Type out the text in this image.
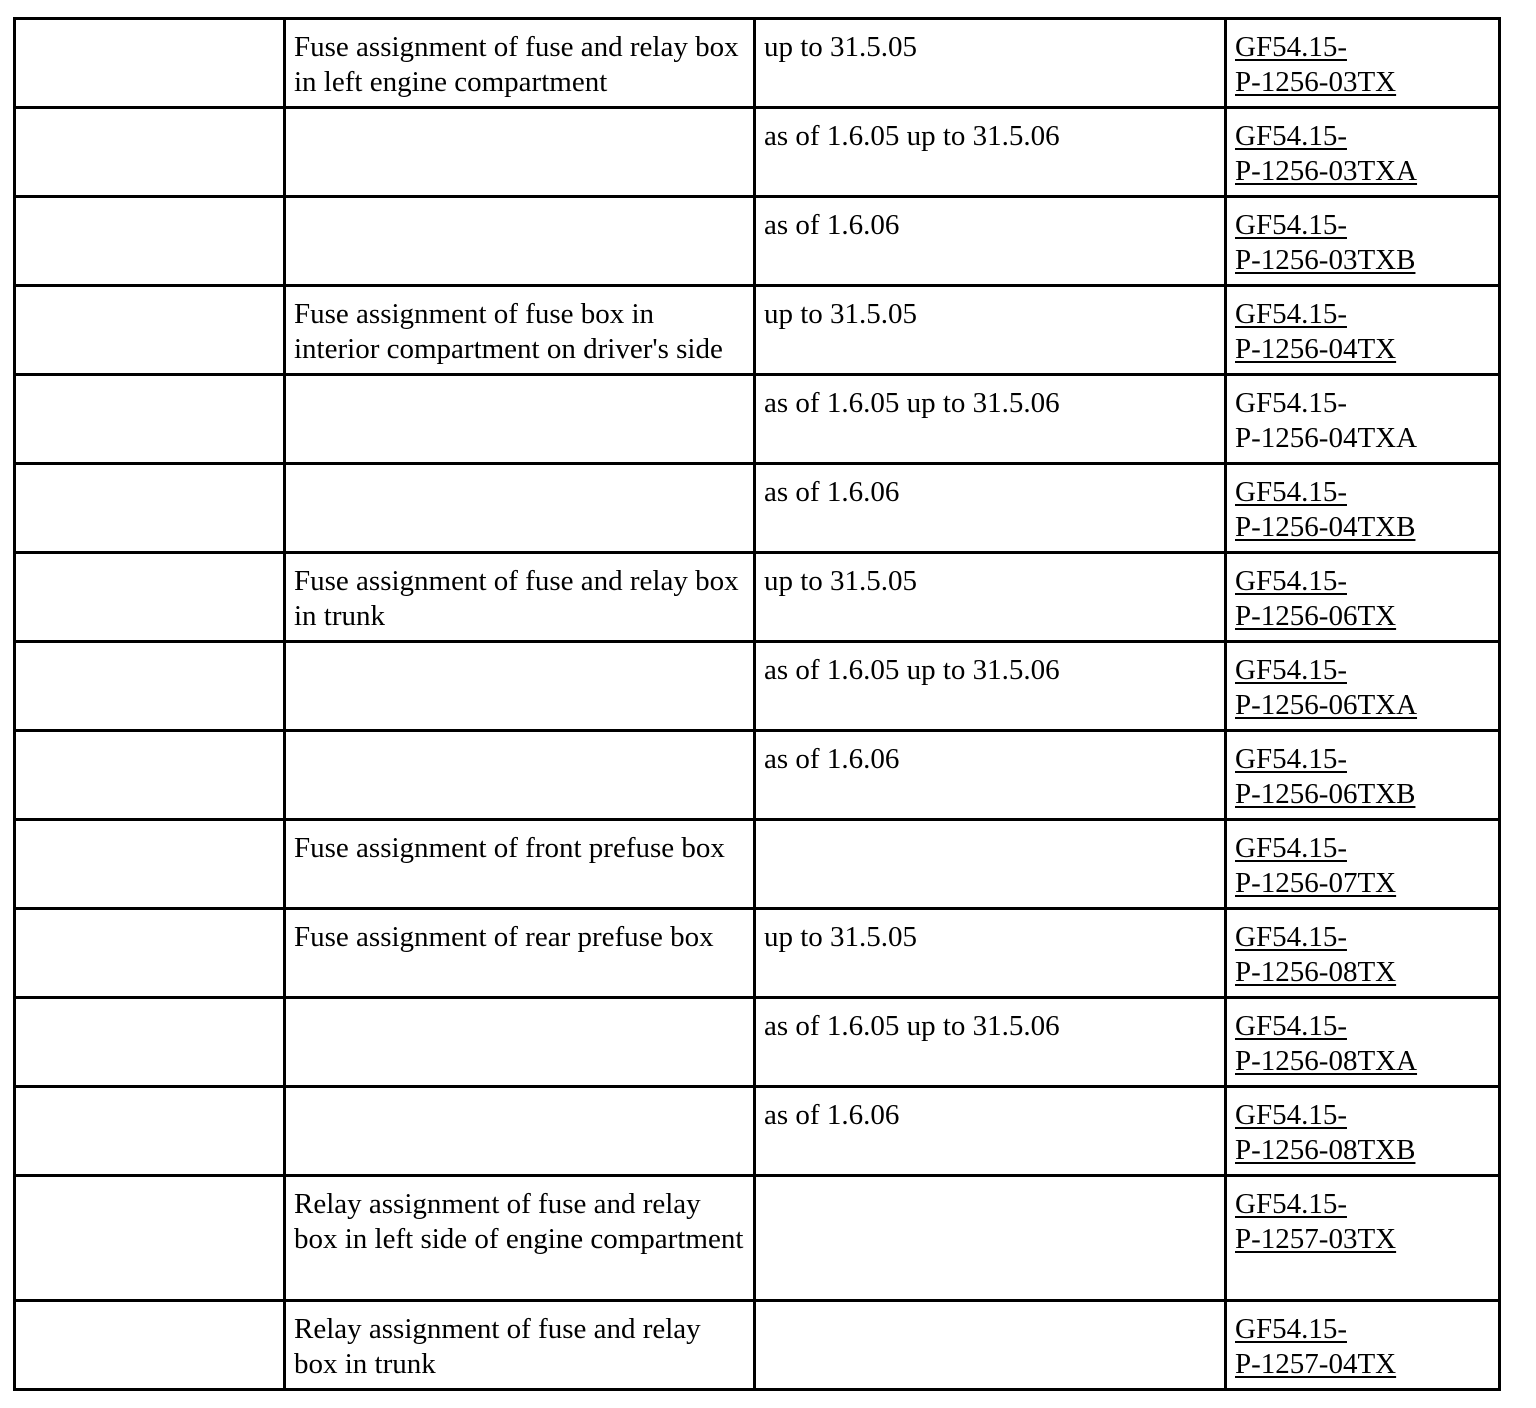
	Fuse assignment of fuse and relay box in left engine compartment	up to 31.5.05	GF54.15-
P-1256-03TX

		as of 1.6.05 up to 31.5.06	GF54.15-
P-1256-03TXA

		as of 1.6.06	GF54.15-
P-1256-03TXB

	Fuse assignment of fuse box in interior compartment on driver's side	up to 31.5.05	GF54.15-
P-1256-04TX

		as of 1.6.05 up to 31.5.06	GF54.15-
P-1256-04TXA

		as of 1.6.06	GF54.15-
P-1256-04TXB

	Fuse assignment of fuse and relay box in trunk	up to 31.5.05	GF54.15-
P-1256-06TX

		as of 1.6.05 up to 31.5.06	GF54.15-
P-1256-06TXA

		as of 1.6.06	GF54.15-
P-1256-06TXB

	Fuse assignment of front prefuse box		GF54.15-
P-1256-07TX

	Fuse assignment of rear prefuse box	up to 31.5.05	GF54.15-
P-1256-08TX

		as of 1.6.05 up to 31.5.06	GF54.15-
P-1256-08TXA

		as of 1.6.06	GF54.15-
P-1256-08TXB

	Relay assignment of fuse and relay box in left side of engine compartment		GF54.15-
P-1257-03TX

	Relay assignment of fuse and relay box in trunk		GF54.15-
P-1257-04TX
